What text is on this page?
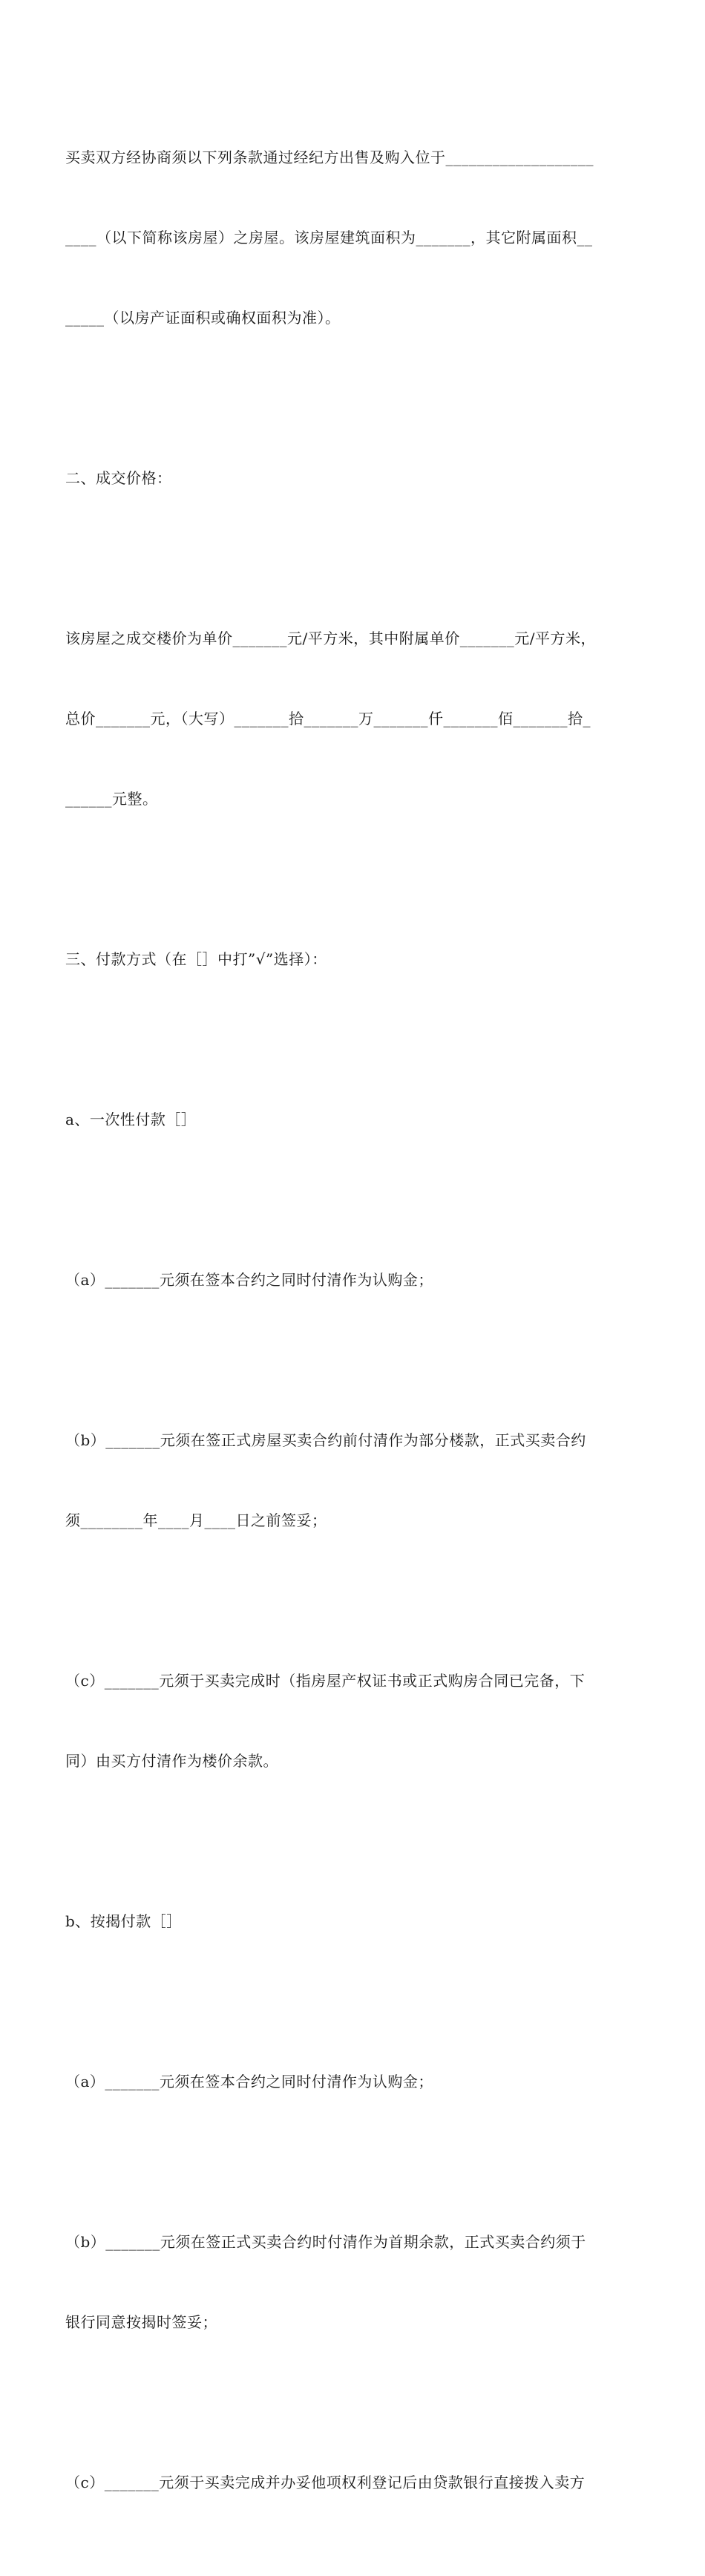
买卖双方经协商须以下列条款通过经纪方出售及购入位于___________________

____（以下简称该房屋）之房屋。该房屋建筑面积为_______，其它附属面积__

_____（以房产证面积或确权面积为准）。

二、成交价格：

该房屋之成交楼价为单价_______元/平方米，其中附属单价_______元/平方米，

总价_______元，（大写）_______拾_______万_______仟_______佰_______拾_

______元整。

三、付款方式（在［］中打”√”选择）：

a、一次性付款［］

（a）_______元须在签本合约之同时付清作为认购金；

（b）_______元须在签正式房屋买卖合约前付清作为部分楼款，正式买卖合约

须________年____月____日之前签妥；

（c）_______元须于买卖完成时（指房屋产权证书或正式购房合同已完备，下

同）由买方付清作为楼价余款。

b、按揭付款［］

（a）_______元须在签本合约之同时付清作为认购金；

（b）_______元须在签正式买卖合约时付清作为首期余款，正式买卖合约须于

银行同意按揭时签妥；

（c）_______元须于买卖完成并办妥他项权利登记后由贷款银行直接拨入卖方
